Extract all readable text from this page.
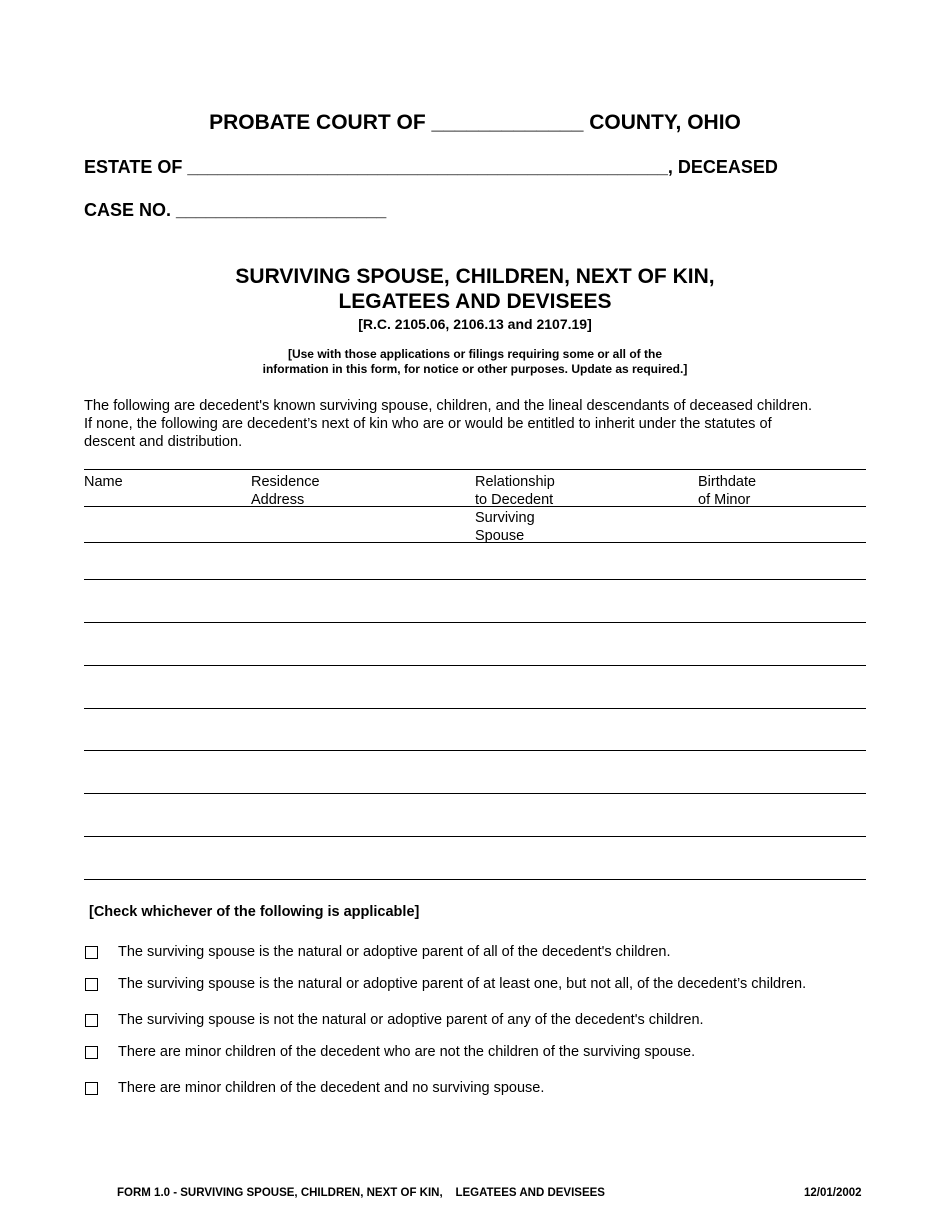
PROBATE COURT OF _____________ COUNTY, OHIO
ESTATE OF ________________________________________________, DECEASED
CASE NO. _____________________
SURVIVING SPOUSE, CHILDREN, NEXT OF KIN,
LEGATEES AND DEVISEES
[R.C. 2105.06, 2106.13 and 2107.19]
[Use with those applications or filings requiring some or all of the
information in this form, for notice or other purposes. Update as required.]
The following are decedent's known surviving spouse, children, and the lineal descendants of deceased children.
If none, the following are decedent’s next of kin who are or would be entitled to inherit under the statutes of
descent and distribution.
Name	Residence
Address
Relationship
to Decedent
Birthdate
of Minor
Surviving
Spouse
[Check whichever of the following is applicable]
The surviving spouse is the natural or adoptive parent of all of the decedent's children.
The surviving spouse is the natural or adoptive parent of at least one, but not all, of the decedent’s children.
The surviving spouse is not the natural or adoptive parent of any of the decedent's children.
There are minor children of the decedent who are not the children of the surviving spouse.
There are minor children of the decedent and no surviving spouse.
FORM 1.0 - SURVIVING SPOUSE, CHILDREN, NEXT OF KIN,    LEGATEES AND DEVISEES	12/01/2002
